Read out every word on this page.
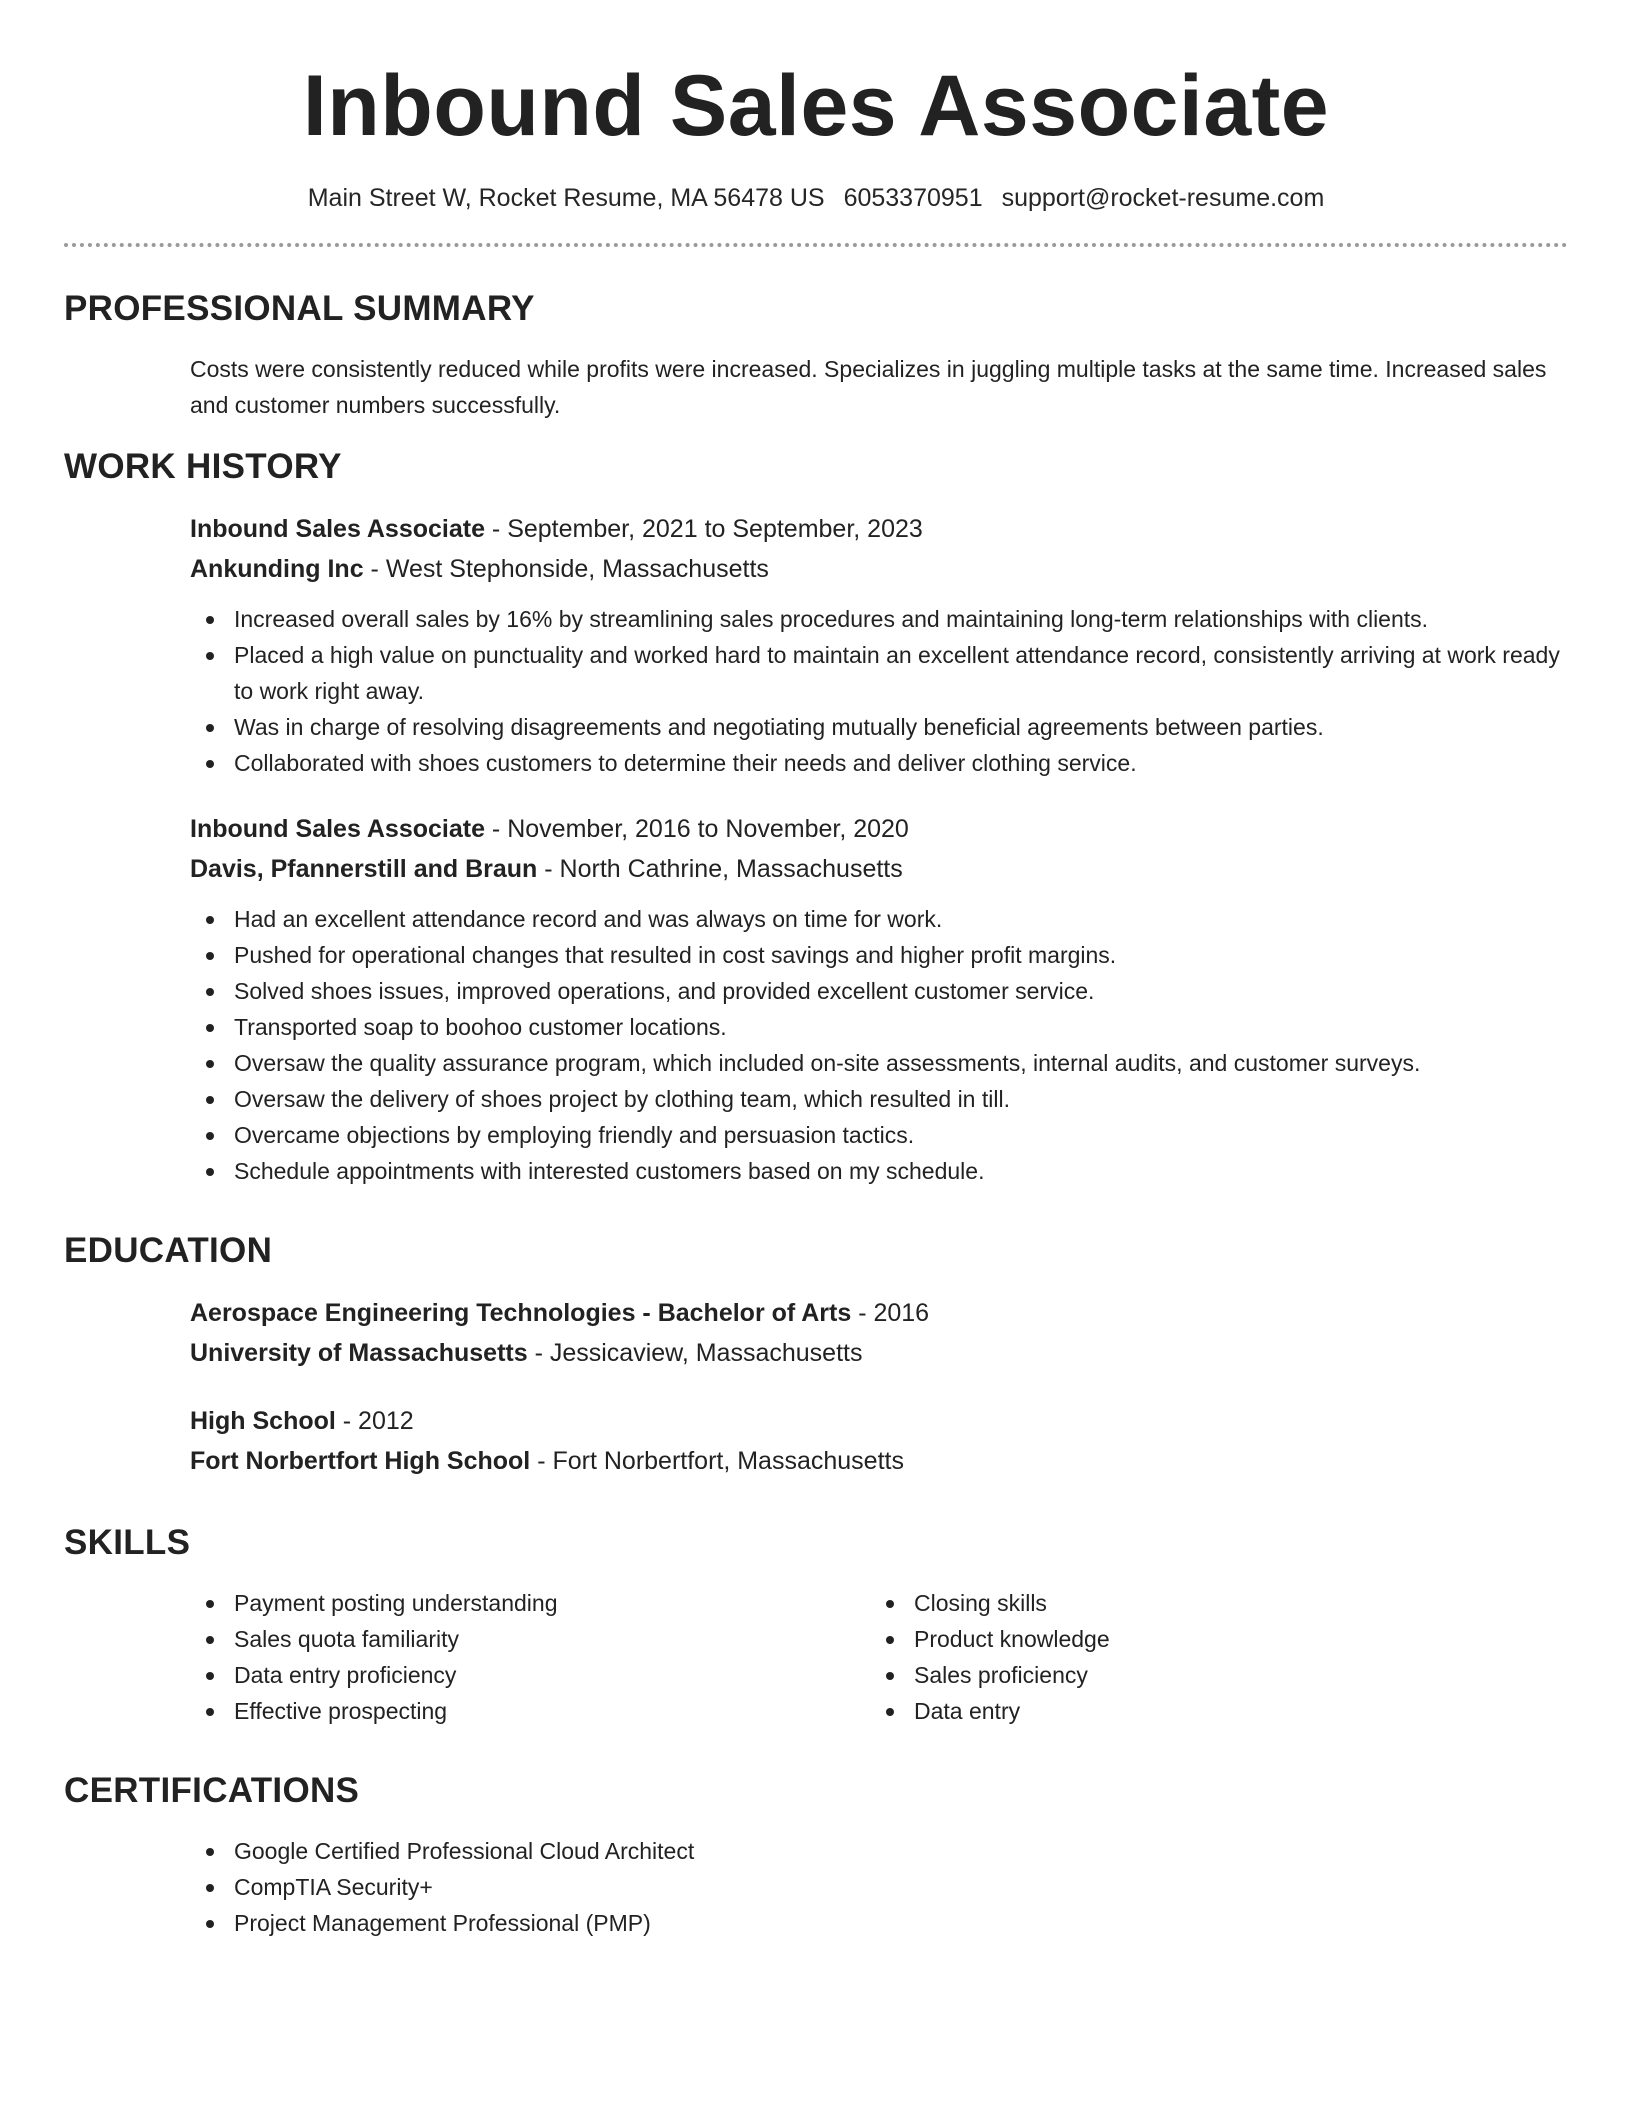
Inbound Sales Associate
Main Street W, Rocket Resume, MA 56478 US 6053370951 support@rocket-resume.com
PROFESSIONAL SUMMARY

Costs were consistently reduced while profits were increased. Specializes in juggling multiple tasks at the same time. Increased sales and customer numbers successfully.

WORK HISTORY
Inbound Sales Associate - September, 2021 to September, 2023
Ankunding Inc - West Stephonside, Massachusetts
Increased overall sales by 16% by streamlining sales procedures and maintaining long-term relationships with clients.
Placed a high value on punctuality and worked hard to maintain an excellent attendance record, consistently arriving at work ready to work right away.
Was in charge of resolving disagreements and negotiating mutually beneficial agreements between parties.
Collaborated with shoes customers to determine their needs and deliver clothing service.
Inbound Sales Associate - November, 2016 to November, 2020
Davis, Pfannerstill and Braun - North Cathrine, Massachusetts
Had an excellent attendance record and was always on time for work.
Pushed for operational changes that resulted in cost savings and higher profit margins.
Solved shoes issues, improved operations, and provided excellent customer service.
Transported soap to boohoo customer locations.
Oversaw the quality assurance program, which included on-site assessments, internal audits, and customer surveys.
Oversaw the delivery of shoes project by clothing team, which resulted in till.
Overcame objections by employing friendly and persuasion tactics.
Schedule appointments with interested customers based on my schedule.
EDUCATION
Aerospace Engineering Technologies - Bachelor of Arts - 2016
University of Massachusetts - Jessicaview, Massachusetts
High School - 2012
Fort Norbertfort High School - Fort Norbertfort, Massachusetts
SKILLS
Payment posting understanding
Sales quota familiarity
Data entry proficiency
Effective prospecting
Closing skills
Product knowledge
Sales proficiency
Data entry
CERTIFICATIONS
Google Certified Professional Cloud Architect
CompTIA Security+
Project Management Professional (PMP)
